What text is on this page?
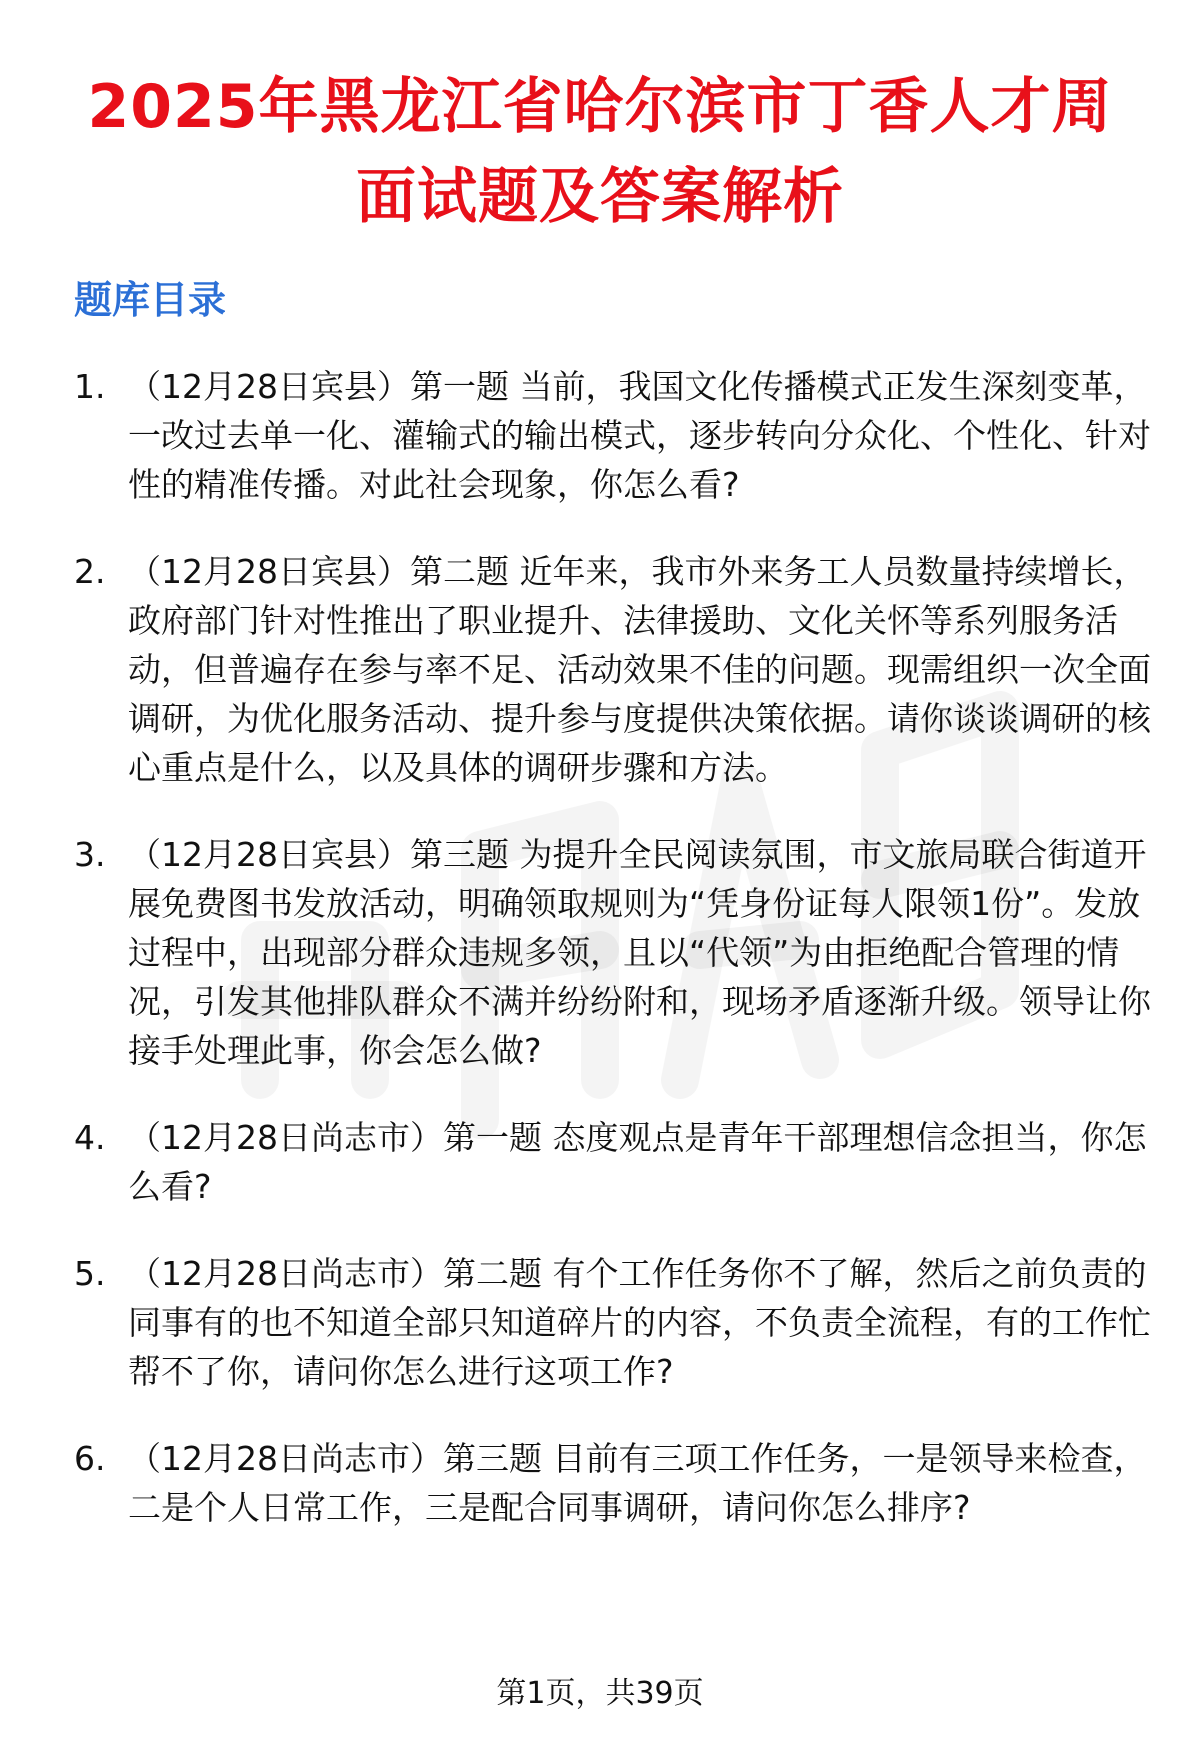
2025年黑龙江省哈尔滨市丁香人才周面试题及答案解析
题库目录
1. （12月28日宾县）第一题 当前，我国文化传播模式正发生深刻变革，一改过去单一化、灌输式的输出模式，逐步转向分众化、个性化、针对性的精准传播。对此社会现象，你怎么看?
2. （12月28日宾县）第二题 近年来，我市外来务工人员数量持续增长，政府部门针对性推出了职业提升、法律援助、文化关怀等系列服务活动，但普遍存在参与率不足、活动效果不佳的问题。现需组织一次全面调研，为优化服务活动、提升参与度提供决策依据。请你谈谈调研的核心重点是什么，以及具体的调研步骤和方法。
3. （12月28日宾县）第三题 为提升全民阅读氛围，市文旅局联合街道开展免费图书发放活动，明确领取规则为“凭身份证每人限领1份”。发放过程中，出现部分群众违规多领，且以“代领”为由拒绝配合管理的情况，引发其他排队群众不满并纷纷附和，现场矛盾逐渐升级。领导让你接手处理此事，你会怎么做?
4. （12月28日尚志市）第一题 态度观点是青年干部理想信念担当，你怎么看?
5. （12月28日尚志市）第二题 有个工作任务你不了解，然后之前负责的同事有的也不知道全部只知道碎片的内容，不负责全流程，有的工作忙帮不了你，请问你怎么进行这项工作?
6. （12月28日尚志市）第三题 目前有三项工作任务，一是领导来检查，二是个人日常工作，三是配合同事调研，请问你怎么排序?
第1页，共39页
